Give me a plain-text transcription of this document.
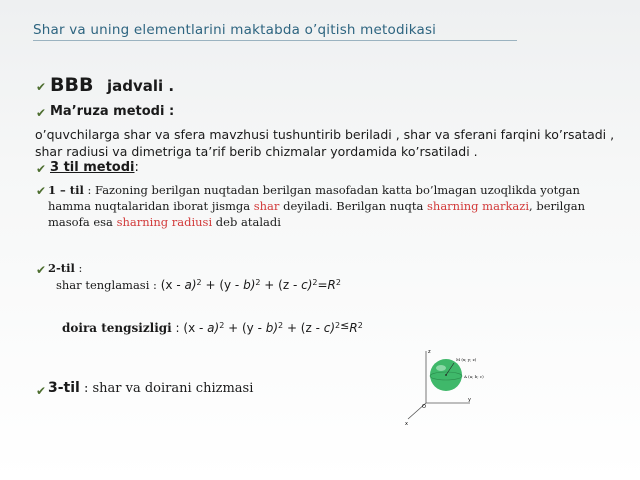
Shar va uning elementlarini maktabda o’qitish metodikasi
✔ BBB jadvali .
✔ Ma’ruza metodi :
o’quvchilarga shar va sfera mavzhusi tushuntirib beriladi , shar va sferani farqini ko’rsatadi , shar radiusi va dimetriga ta’rif berib chizmalar yordamida ko’rsatiladi .
✔ 3 til metodi:
✔ 1 – til : Fazoning berilgan nuqtadan berilgan masofadan katta bo’lmagan uzoqlikda yotgan hamma nuqtalaridan iborat jismga shar deyiladi. Berilgan nuqta sharning markazi, berilgan masofa esa sharning radiusi deb ataladi
✔ 2-til :
shar tenglamasi : $(x - a)^2 + (y - b)^2 + (z - c)^2=R^2$
doira tengsizligi : $(x - a)^2 + (y - b)^2 + (z - c)^{2\le}R^2$
✔ 3-til : shar va doirani chizmasi
z
y
x
O
M (x; y; z)
A (a; b; c)
